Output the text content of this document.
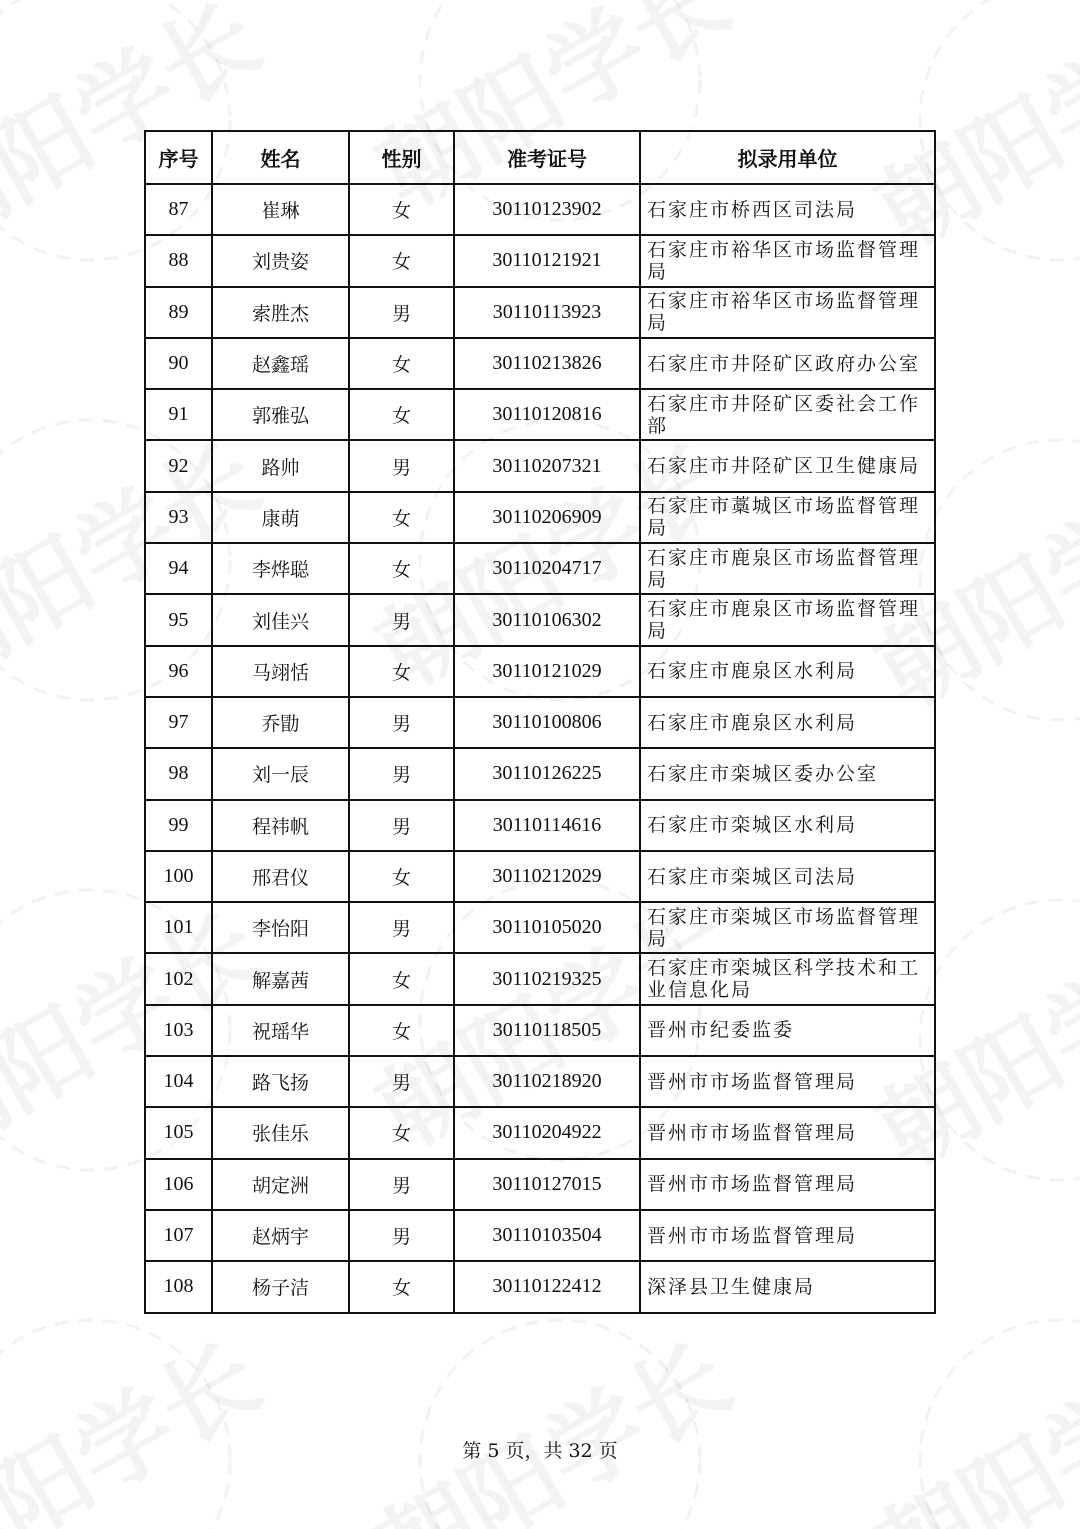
序号	姓名	性别	准考证号	拟录用单位
87	崔琳	女	30110123902	石家庄市桥西区司法局
88	刘贵姿	女	30110121921	石家庄市裕华区市场监督管理局
89	索胜杰	男	30110113923	石家庄市裕华区市场监督管理局
90	赵鑫瑶	女	30110213826	石家庄市井陉矿区政府办公室
91	郭雅弘	女	30110120816	石家庄市井陉矿区委社会工作部
92	路帅	男	30110207321	石家庄市井陉矿区卫生健康局
93	康萌	女	30110206909	石家庄市藁城区市场监督管理局
94	李烨聪	女	30110204717	石家庄市鹿泉区市场监督管理局
95	刘佳兴	男	30110106302	石家庄市鹿泉区市场监督管理局
96	马翊恬	女	30110121029	石家庄市鹿泉区水利局
97	乔勖	男	30110100806	石家庄市鹿泉区水利局
98	刘一辰	男	30110126225	石家庄市栾城区委办公室
99	程祎帆	男	30110114616	石家庄市栾城区水利局
100	邢君仪	女	30110212029	石家庄市栾城区司法局
101	李怡阳	男	30110105020	石家庄市栾城区市场监督管理局
102	解嘉茜	女	30110219325	石家庄市栾城区科学技术和工业信息化局
103	祝瑶华	女	30110118505	晋州市纪委监委
104	路飞扬	男	30110218920	晋州市市场监督管理局
105	张佳乐	女	30110204922	晋州市市场监督管理局
106	胡定洲	男	30110127015	晋州市市场监督管理局
107	赵炳宇	男	30110103504	晋州市市场监督管理局
108	杨子洁	女	30110122412	深泽县卫生健康局
第 5 页，共 32 页
